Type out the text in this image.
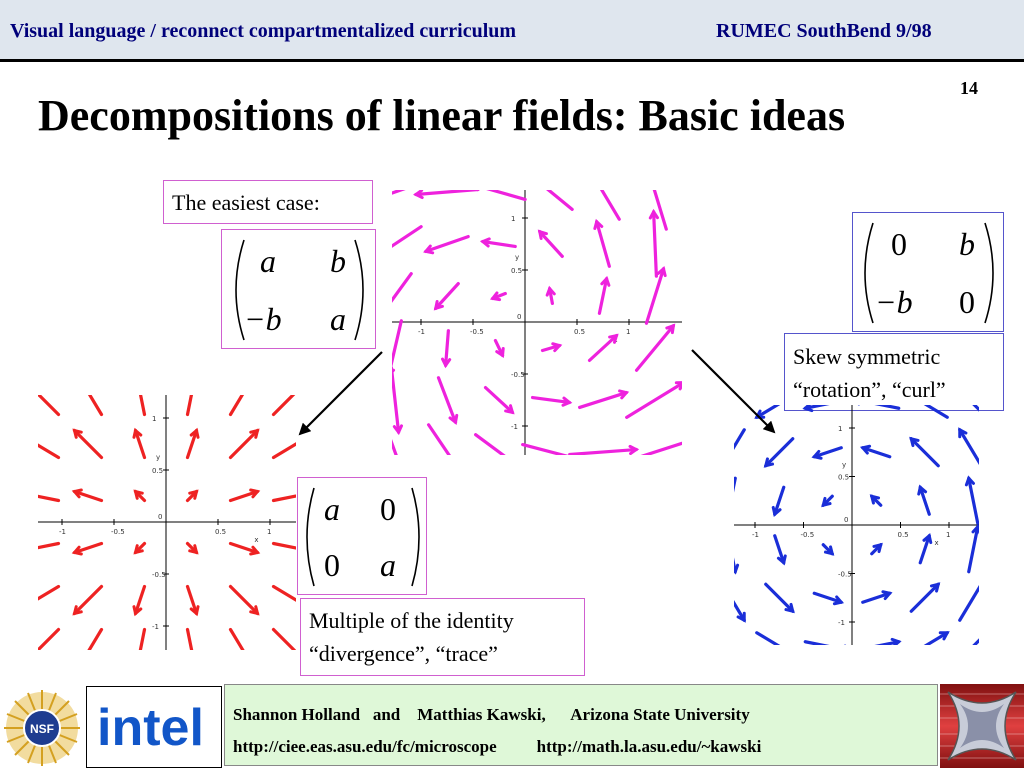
Visual language / reconnect compartmentalized curriculum	RUMEC SouthBend 9/98
14
Decompositions of linear fields: Basic ideas
The easiest case:
a b
−b a
0 b
−b 0
Skew symmetric
“rotation”, “curl”
a 0
0 a
Multiple of the identity
“divergence”, “trace”
-1
-1
-0.5
-0.5
0.5
0.5
1
1
0
x
y
-1
-1
-0.5
-0.5
0.5
0.5
1
1
0
x
y
-1
-1
-0.5
-0.5
0.5
0.5
1
1
0
x
y
NSF intel Shannon Holland   and    Matthias Kawski,      Arizona State University
http://ciee.eas.asu.edu/fc/microscope http://math.la.asu.edu/~kawski
